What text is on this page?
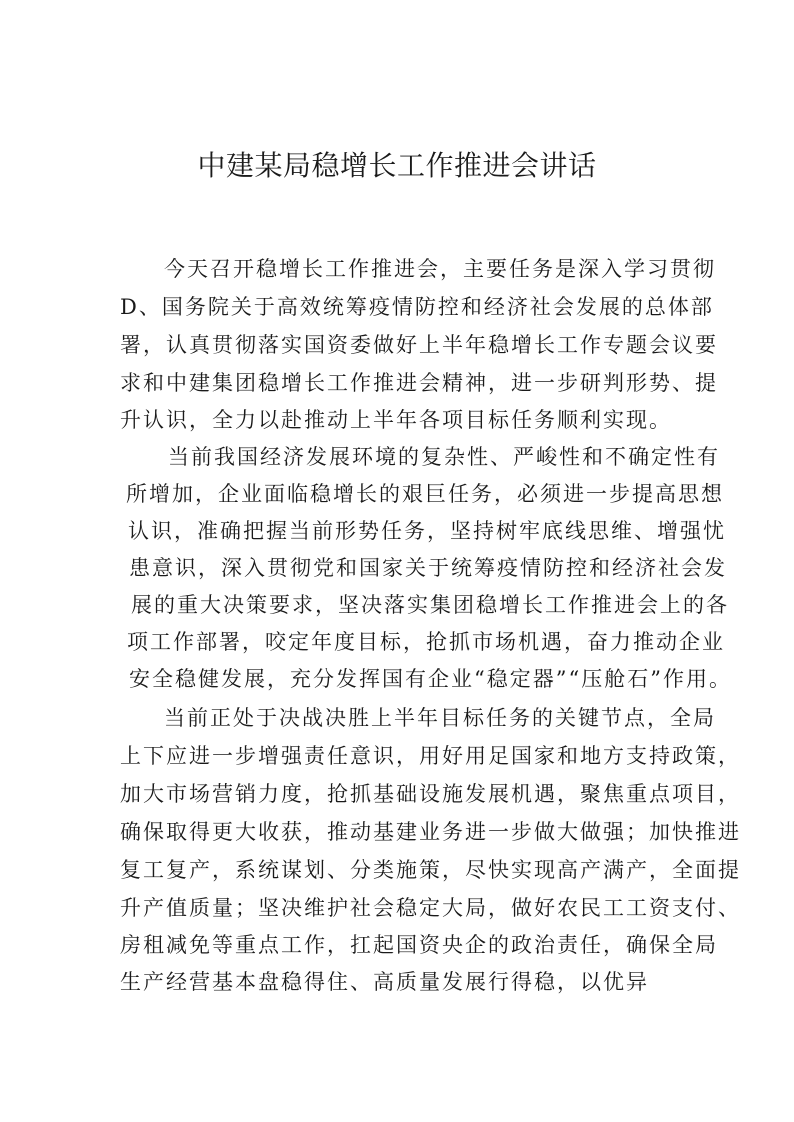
中建某局稳增长工作推进会讲话
今天召开稳增长工作推进会，主要任务是深入学习贯彻
D、国务院关于高效统筹疫情防控和经济社会发展的总体部
署，认真贯彻落实国资委做好上半年稳增长工作专题会议要
求和中建集团稳增长工作推进会精神，进一步研判形势、提
升认识，全力以赴推动上半年各项目标任务顺利实现。
当前我国经济发展环境的复杂性、严峻性和不确定性有
所增加，企业面临稳增长的艰巨任务，必须进一步提高思想
认识，准确把握当前形势任务，坚持树牢底线思维、增强忧
患意识，深入贯彻党和国家关于统筹疫情防控和经济社会发
展的重大决策要求，坚决落实集团稳增长工作推进会上的各
项工作部署，咬定年度目标，抢抓市场机遇，奋力推动企业
安全稳健发展，充分发挥国有企业“稳定器”“压舱石”作用。
当前正处于决战决胜上半年目标任务的关键节点，全局
上下应进一步增强责任意识，用好用足国家和地方支持政策，
加大市场营销力度，抢抓基础设施发展机遇，聚焦重点项目，
确保取得更大收获，推动基建业务进一步做大做强；加快推进
复工复产，系统谋划、分类施策，尽快实现高产满产，全面提
升产值质量；坚决维护社会稳定大局，做好农民工工资支付、
房租减免等重点工作，扛起国资央企的政治责任，确保全局
生产经营基本盘稳得住、高质量发展行得稳，以优异
